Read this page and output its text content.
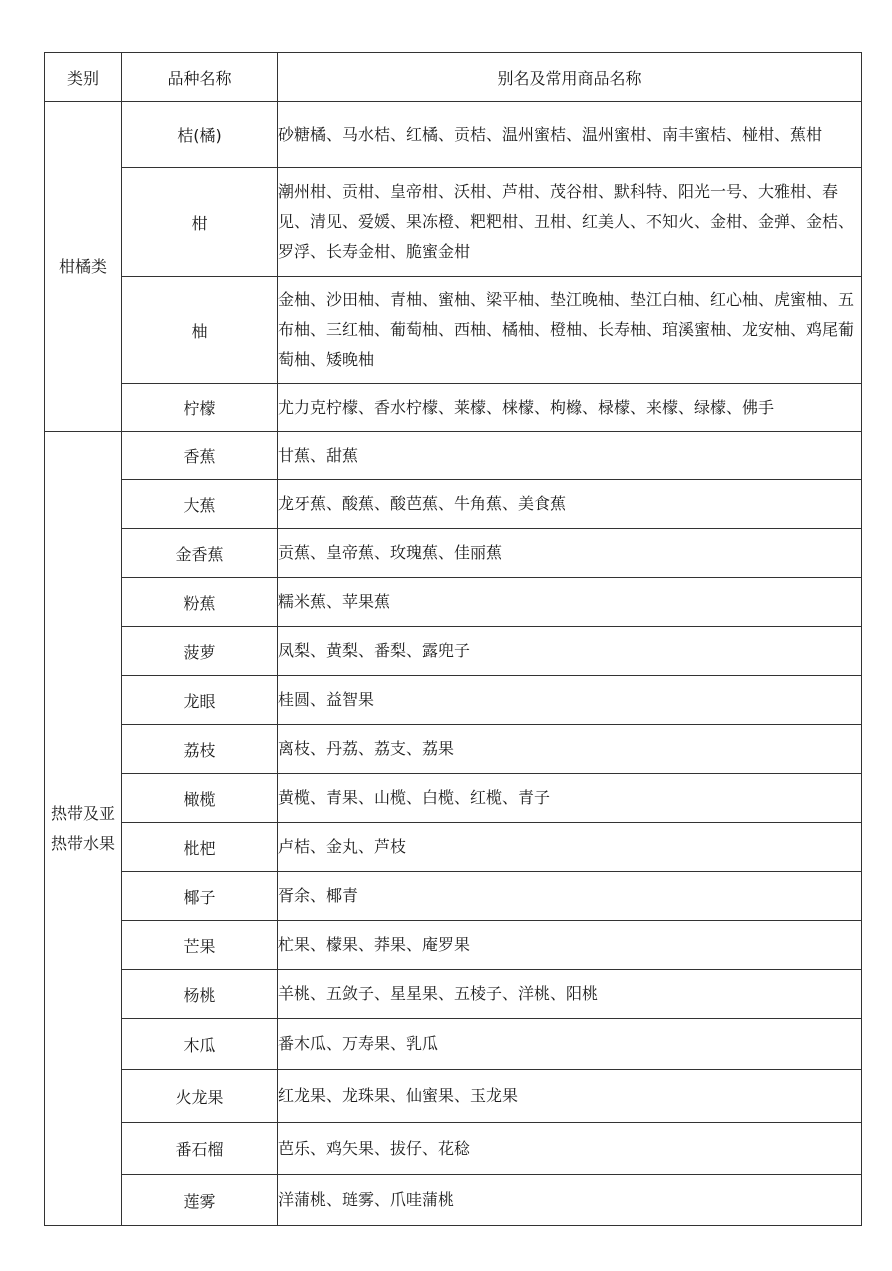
类别	品种名称	别名及常用商品名称
柑橘类	桔(橘)	砂糖橘、马水桔、红橘、贡桔、温州蜜桔、温州蜜柑、南丰蜜桔、椪柑、蕉柑
	柑	潮州柑、贡柑、皇帝柑、沃柑、芦柑、茂谷柑、默科特、阳光一号、大雅柑、春见、清见、爱媛、果冻橙、粑粑柑、丑柑、红美人、不知火、金柑、金弹、金桔、罗浮、长寿金柑、脆蜜金柑
	柚	金柚、沙田柚、青柚、蜜柚、梁平柚、垫江晚柚、垫江白柚、红心柚、虎蜜柚、五布柚、三红柚、葡萄柚、西柚、橘柚、橙柚、长寿柚、琯溪蜜柚、龙安柚、鸡尾葡萄柚、矮晚柚
	柠檬	尤力克柠檬、香水柠檬、莱檬、梾檬、枸橼、椂檬、来檬、绿檬、佛手
热带及亚热带水果	香蕉	甘蕉、甜蕉
	大蕉	龙牙蕉、酸蕉、酸芭蕉、牛角蕉、美食蕉
	金香蕉	贡蕉、皇帝蕉、玫瑰蕉、佳丽蕉
	粉蕉	糯米蕉、苹果蕉
	菠萝	凤梨、黄梨、番梨、露兜子
	龙眼	桂圆、益智果
	荔枝	离枝、丹荔、荔支、荔果
	橄榄	黄榄、青果、山榄、白榄、红榄、青子
	枇杷	卢桔、金丸、芦枝
	椰子	胥余、椰青
	芒果	杧果、檬果、莽果、庵罗果
	杨桃	羊桃、五敛子、星星果、五棱子、洋桃、阳桃
	木瓜	番木瓜、万寿果、乳瓜
	火龙果	红龙果、龙珠果、仙蜜果、玉龙果
	番石榴	芭乐、鸡矢果、拔仔、花稔
	莲雾	洋蒲桃、琏雾、爪哇蒲桃
